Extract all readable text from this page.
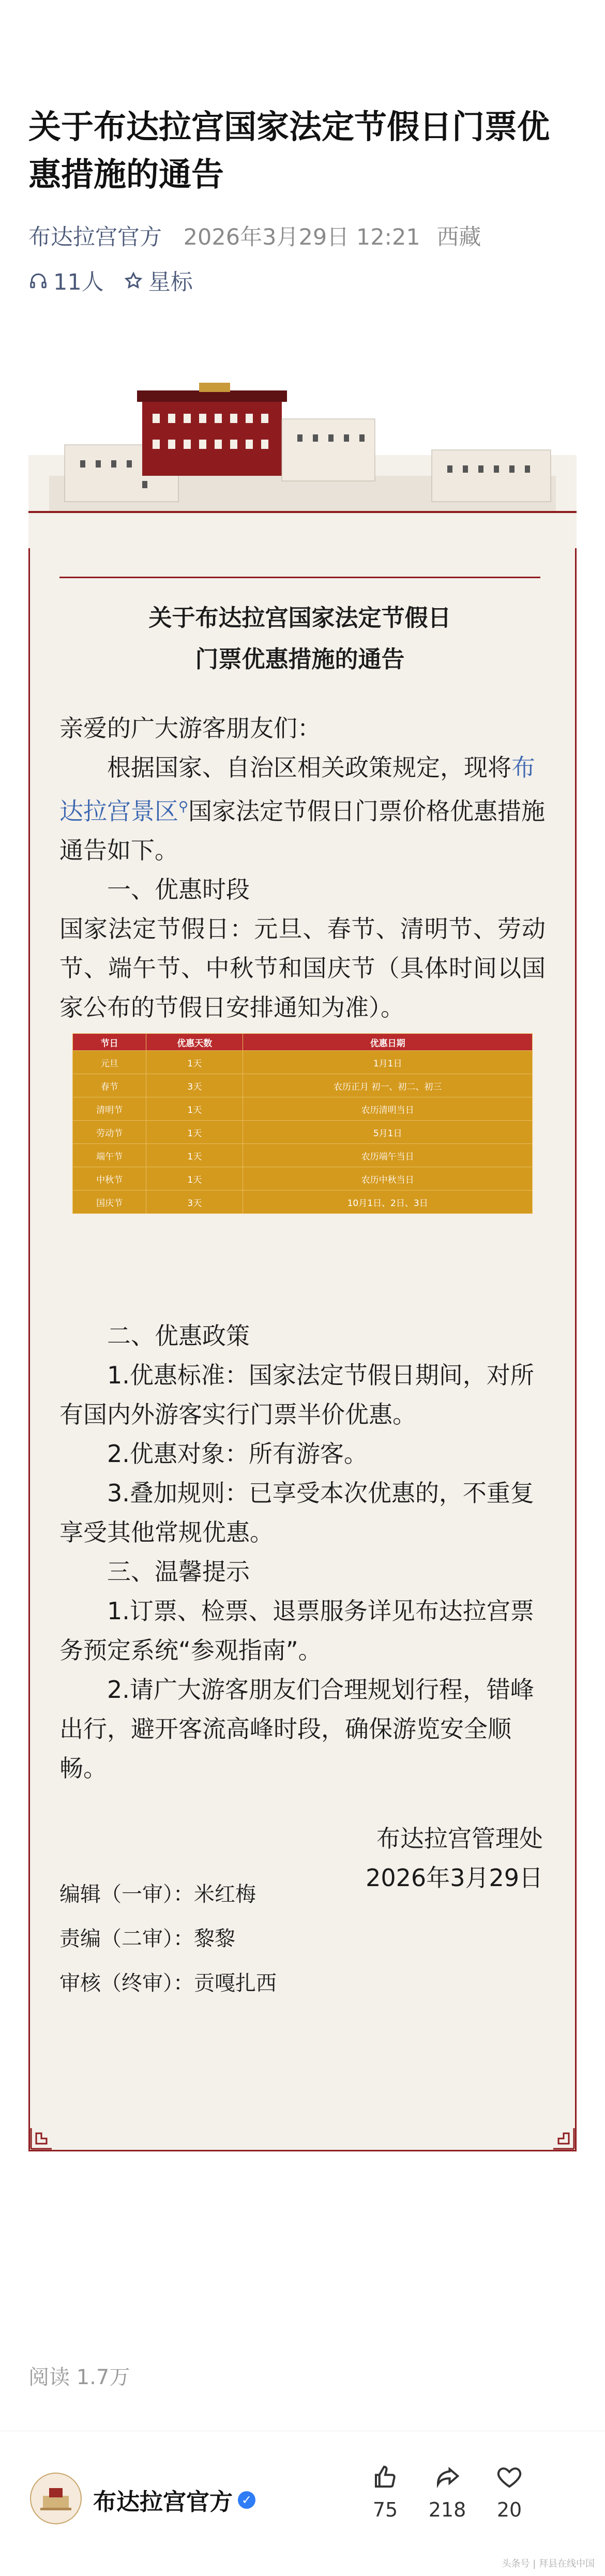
关于布达拉宫国家法定节假日门票优惠措施的通告
布达拉宫官方 2026年3月29日 12:21 西藏
11人 星标
关于布达拉宫国家法定节假日
门票优惠措施的通告

亲爱的广大游客朋友们：

根据国家、自治区相关政策规定，现将布达拉宫景区⚲国家法定节假日门票价格优惠措施通告如下。

一、优惠时段

国家法定节假日：元旦、春节、清明节、劳动节、端午节、中秋节和国庆节（具体时间以国家公布的节假日安排通知为准）。

节日	优惠天数	优惠日期
元旦	1天	1月1日
春节	3天	农历正月 初一、初二、初三
清明节	1天	农历清明当日
劳动节	1天	5月1日
端午节	1天	农历端午当日
中秋节	1天	农历中秋当日
国庆节	3天	10月1日、2日、3日

二、优惠政策

1.优惠标准：国家法定节假日期间，对所有国内外游客实行门票半价优惠。

2.优惠对象：所有游客。

3.叠加规则：已享受本次优惠的，不重复享受其他常规优惠。

三、温馨提示

1.订票、检票、退票服务详见布达拉宫票务预定系统“参观指南”。

2.请广大游客朋友们合理规划行程，错峰出行，避开客流高峰时段，确保游览安全顺畅。

布达拉宫管理处

2026年3月29日

编辑（一审）：米红梅
责编（二审）：黎黎
审核（终审）：贡嘎扎西
阅读 1.7万
布达拉宫官方 ✓	75	218	20
头条号 | 拜县在线中国
